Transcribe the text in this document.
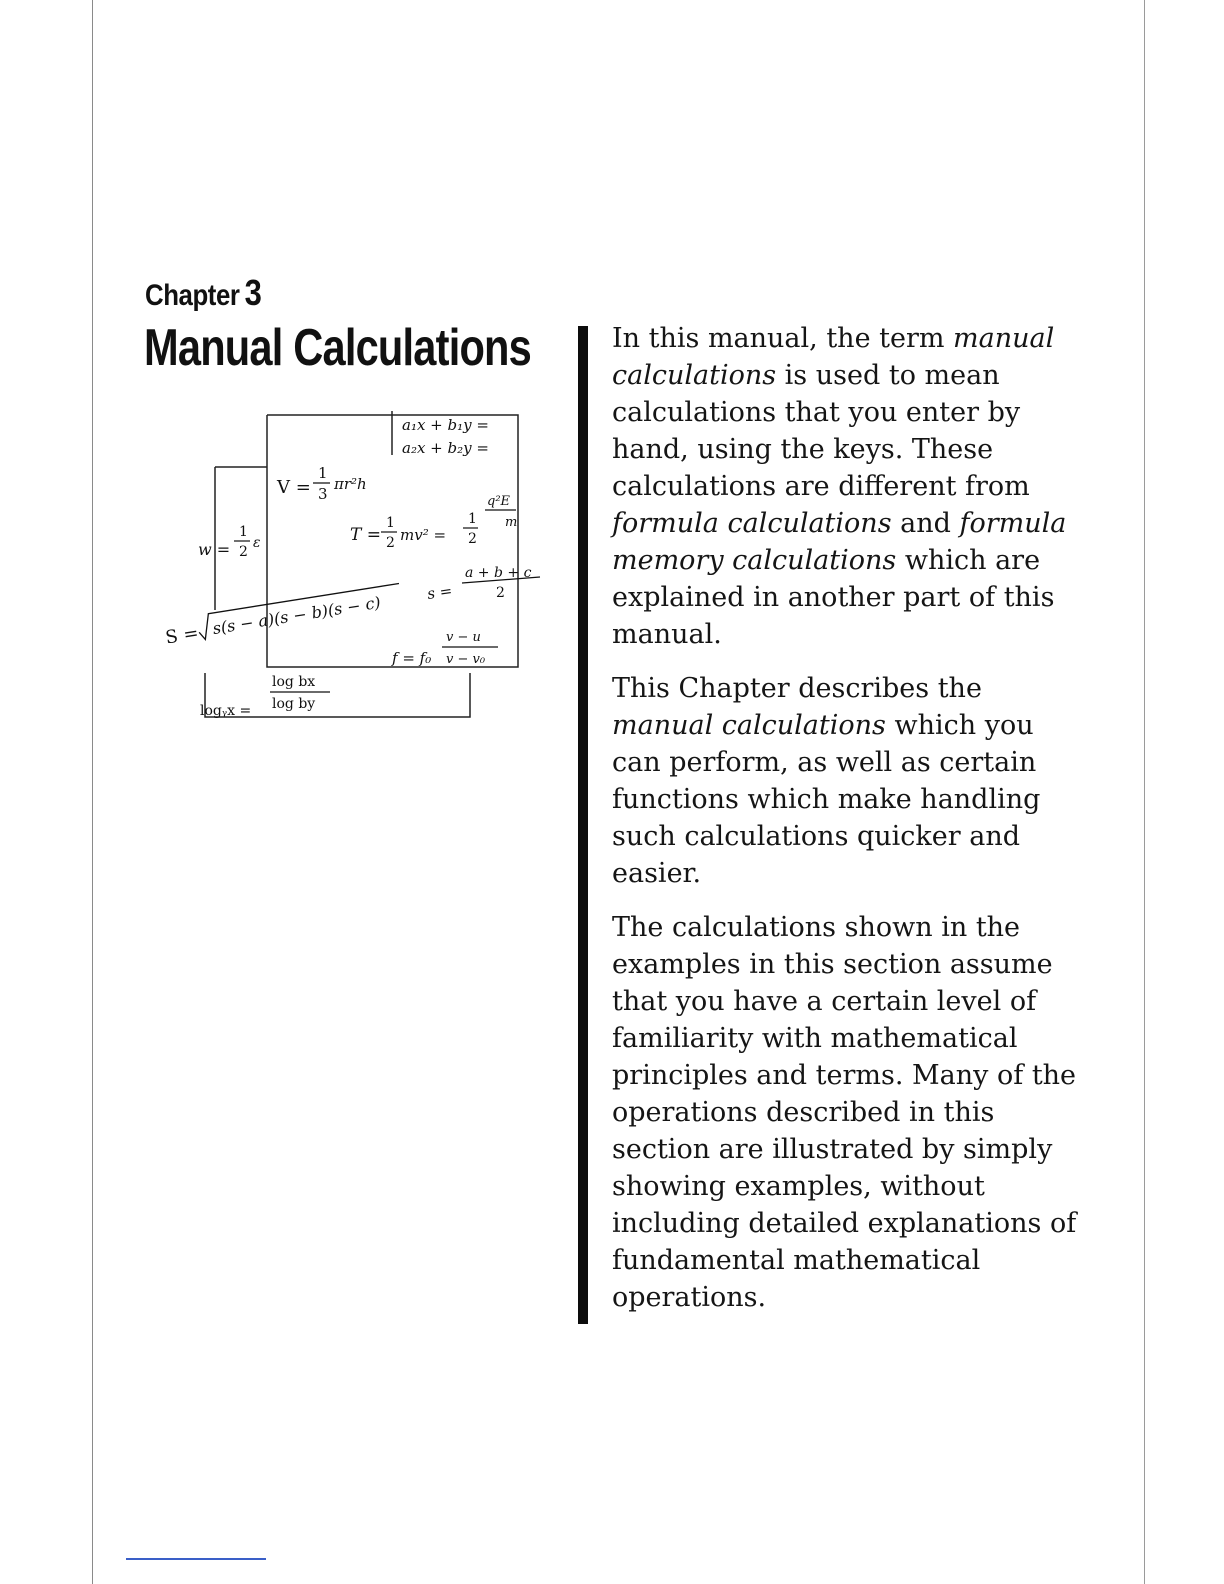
Chapter 3
Manual Calculations
a₁x + b₁y =
a₂x + b₂y =
V =
1
3
πr²h
T =
1
2 mv² =
1
2
q²E
m
w =
1
2
ε
s =
a + b + c
2
S = s(s − a)(s − b)(s − c)
f = f₀
v − u
v − v₀
logᵧx =
log bx
log by

In this manual, the term manual calculations is used to mean calculations that you enter by hand, using the keys. These calculations are different from formula calculations and formula memory calculations which are explained in another part of this manual.

This Chapter describes the manual calculations which you can perform, as well as certain functions which make handling such calculations quicker and easier.

The calculations shown in the examples in this section assume that you have a certain level of familiarity with mathematical principles and terms. Many of the operations described in this section are illustrated by simply showing examples, without including detailed explanations of fundamental mathematical operations.
